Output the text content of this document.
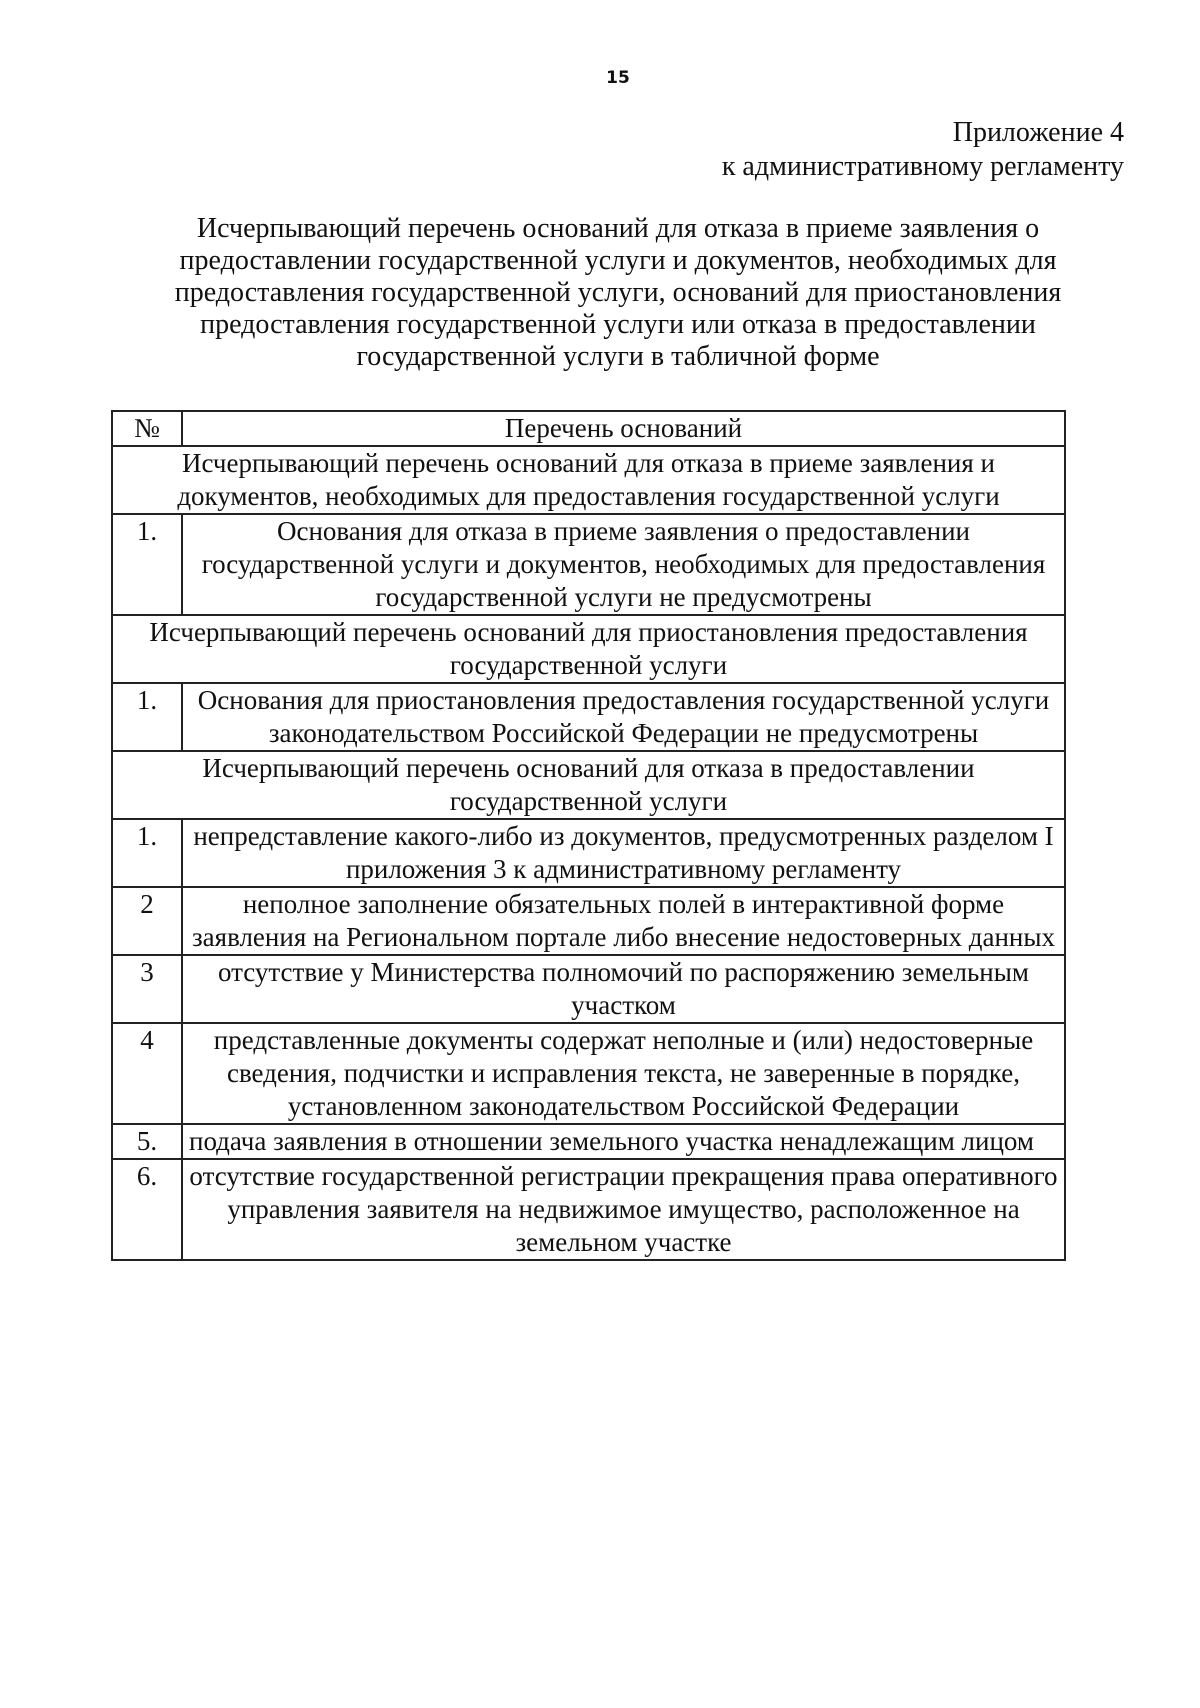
15
Приложение 4
к административному регламенту
Исчерпывающий перечень оснований для отказа в приеме заявления о
предоставлении государственной услуги и документов, необходимых для
предоставления государственной услуги, оснований для приостановления
предоставления государственной услуги или отказа в предоставлении
государственной услуги в табличной форме
№	Перечень оснований
Исчерпывающий перечень оснований для отказа в приеме заявления и документов, необходимых для предоставления государственной услуги	
1.	Основания для отказа в приеме заявления о предоставлении государственной услуги и документов, необходимых для предоставления государственной услуги не предусмотрены
Исчерпывающий перечень оснований для приостановления предоставления государственной услуги	
1.	Основания для приостановления предоставления государственной услуги законодательством Российской Федерации не предусмотрены
Исчерпывающий перечень оснований для отказа в предоставлении государственной услуги	
1.	непредставление какого-либо из документов, предусмотренных разделом I приложения 3 к административному регламенту
2	неполное заполнение обязательных полей в интерактивной форме заявления на Региональном портале либо внесение недостоверных данных
3	отсутствие у Министерства полномочий по распоряжению земельным участком
4	представленные документы содержат неполные и (или) недостоверные сведения, подчистки и исправления текста, не заверенные в порядке, установленном законодательством Российской Федерации
5.	подача заявления в отношении земельного участка ненадлежащим лицом
6.	отсутствие государственной регистрации прекращения права оперативного управления заявителя на недвижимое имущество, расположенное на земельном участке
